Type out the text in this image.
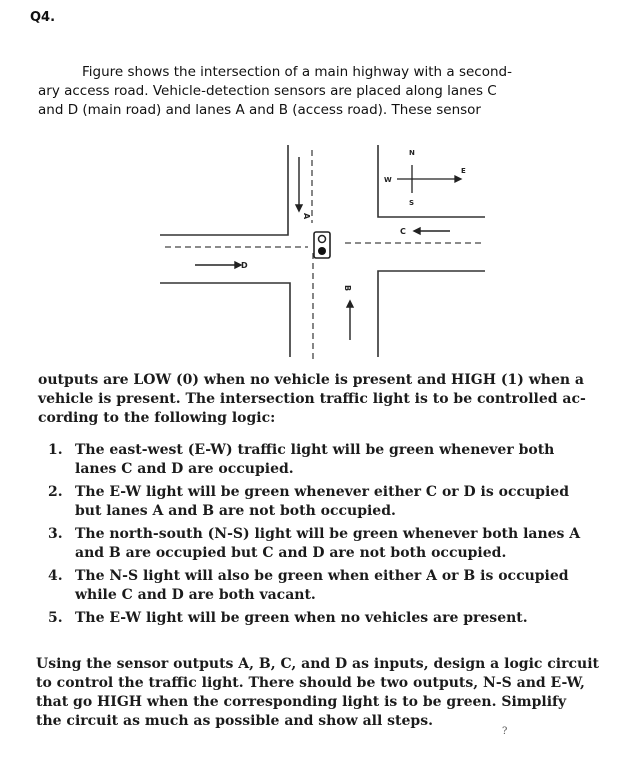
Q4.
Figure shows the intersection of a main highway with a second-
ary access road. Vehicle-detection sensors are placed along lanes C
and D (main road) and lanes A and B (access road). These sensor
A
B
C
D
N
S
W
E
outputs are LOW (0) when no vehicle is present and HIGH (1) when a
vehicle is present. The intersection traffic light is to be controlled ac-
cording to the following logic:
1. The east-west (E-W) traffic light will be green whenever both
lanes C and D are occupied.
2. The E-W light will be green whenever either C or D is occupied
but lanes A and B are not both occupied.
3. The north-south (N-S) light will be green whenever both lanes A
and B are occupied but C and D are not both occupied.
4. The N-S light will also be green when either A or B is occupied
while C and D are both vacant.
5. The E-W light will be green when no vehicles are present.
Using the sensor outputs A, B, C, and D as inputs, design a logic circuit
to control the traffic light. There should be two outputs, N-S and E-W,
that go HIGH when the corresponding light is to be green. Simplify
the circuit as much as possible and show all steps.
?
